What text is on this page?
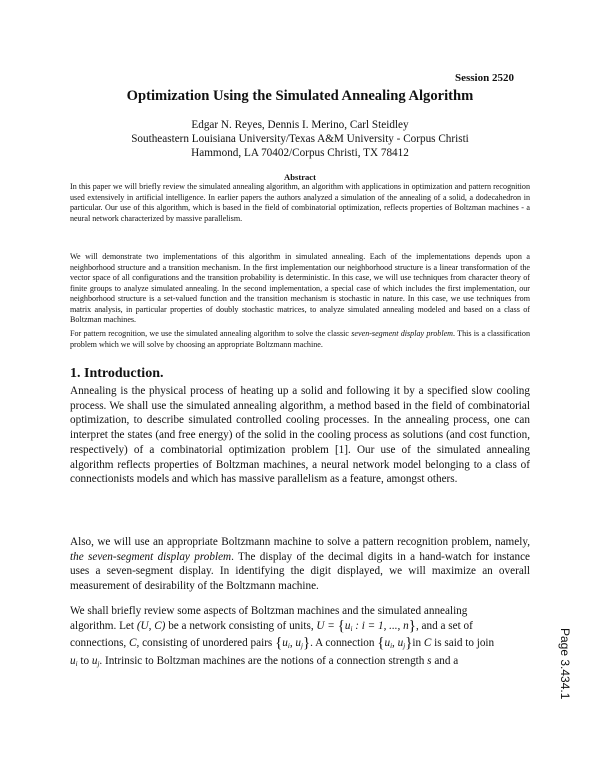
Session 2520
Optimization Using the Simulated Annealing Algorithm
Edgar N. Reyes, Dennis I. Merino, Carl Steidley
Southeastern Louisiana University/Texas A&M University - Corpus Christi
Hammond, LA 70402/Corpus Christi, TX 78412
Abstract
In this paper we will briefly review the simulated annealing algorithm, an algorithm with applications in optimization and pattern recognition used extensively in artificial intelligence. In earlier papers the authors analyzed a simulation of the annealing of a solid, a dodecahedron in particular. Our use of this algorithm, which is based in the field of combinatorial optimization, reflects properties of Boltzman machines - a neural network characterized by massive parallelism.
We will demonstrate two implementations of this algorithm in simulated annealing. Each of the implementations depends upon a neighborhood structure and a transition mechanism. In the first implementation our neighborhood structure is a linear transformation of the vector space of all configurations and the transition probability is deterministic. In this case, we will use techniques from character theory of finite groups to analyze simulated annealing. In the second implementation, a special case of which includes the first implementation, our neighborhood structure is a set-valued function and the transition mechanism is stochastic in nature. In this case, we use techniques from matrix analysis, in particular properties of doubly stochastic matrices, to analyze simulated annealing modeled and based on a class of Boltzman machines.
For pattern recognition, we use the simulated annealing algorithm to solve the classic seven-segment display problem. This is a classification problem which we will solve by choosing an appropriate Boltzmann machine.
1. Introduction.
Annealing is the physical process of heating up a solid and following it by a specified slow cooling process. We shall use the simulated annealing algorithm, a method based in the field of combinatorial optimization, to describe simulated controlled cooling processes. In the annealing process, one can interpret the states (and free energy) of the solid in the cooling process as solutions (and cost function, respectively) of a combinatorial optimization problem [1]. Our use of the simulated annealing algorithm reflects properties of Boltzman machines, a neural network model belonging to a class of connectionists models and which has massive parallelism as a feature, amongst others.
Also, we will use an appropriate Boltzmann machine to solve a pattern recognition problem, namely, the seven-segment display problem. The display of the decimal digits in a hand-watch for instance uses a seven-segment display. In identifying the digit displayed, we will maximize an overall measurement of desirability of the Boltzmann machine.
We shall briefly review some aspects of Boltzman machines and the simulated annealing
algorithm. Let (U, C) be a network consisting of units, $U = \{u_i$ : i = 1, ..., n}, and a set of
connections, C, consisting of unordered pairs {$u_i$, $u_j$}. A connection {$u_i$, $u_j\}in$ C is said to join
$u_i$ to $u_j$. Intrinsic to Boltzman machines are the notions of a connection strength s and a	Page 3.434.1
